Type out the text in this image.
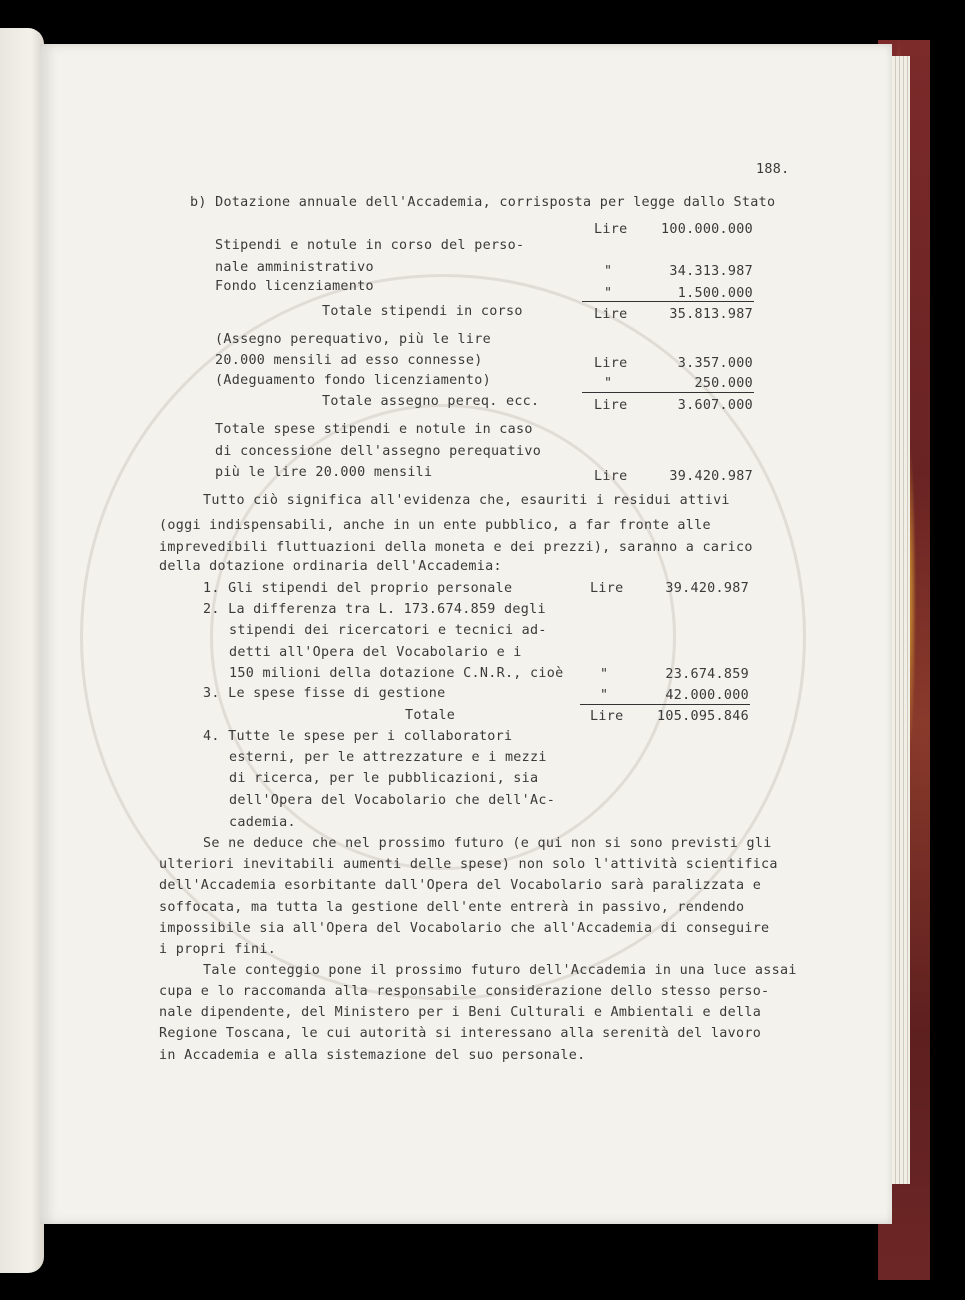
188.
b) Dotazione annuale dell'Accademia, corrisposta per legge dallo Stato
Lire	100.000.000
Stipendi e notule in corso del perso-
nale amministrativo	"	34.313.987
Fondo licenziamento	"	1.500.000
Totale stipendi in corso	Lire	35.813.987
(Assegno perequativo, più le lire
20.000 mensili ad esso connesse)	Lire	3.357.000
(Adeguamento fondo licenziamento)	"	250.000
Totale assegno pereq. ecc.	Lire	3.607.000
Totale spese stipendi e notule in caso
di concessione dell'assegno perequativo
più le lire 20.000 mensili	Lire	39.420.987
Tutto ciò significa all'evidenza che, esauriti i residui attivi
(oggi indispensabili, anche in un ente pubblico, a far fronte alle
imprevedibili fluttuazioni della moneta e dei prezzi), saranno a carico
della dotazione ordinaria dell'Accademia:
1. Gli stipendi del proprio personale	Lire	39.420.987
2. La differenza tra L. 173.674.859 degli
stipendi dei ricercatori e tecnici ad-
detti all'Opera del Vocabolario e i
150 milioni della dotazione C.N.R., cioè	"	23.674.859
3. Le spese fisse di gestione	"	42.000.000
Totale	Lire	105.095.846
4. Tutte le spese per i collaboratori
esterni, per le attrezzature e i mezzi
di ricerca, per le pubblicazioni, sia
dell'Opera del Vocabolario che dell'Ac-
cademia.
Se ne deduce che nel prossimo futuro (e qui non si sono previsti gli
ulteriori inevitabili aumenti delle spese) non solo l'attività scientifica
dell'Accademia esorbitante dall'Opera del Vocabolario sarà paralizzata e
soffocata, ma tutta la gestione dell'ente entrerà in passivo, rendendo
impossibile sia all'Opera del Vocabolario che all'Accademia di conseguire
i propri fini.
Tale conteggio pone il prossimo futuro dell'Accademia in una luce assai
cupa e lo raccomanda alla responsabile considerazione dello stesso perso-
nale dipendente, del Ministero per i Beni Culturali e Ambientali e della
Regione Toscana, le cui autorità si interessano alla serenità del lavoro
in Accademia e alla sistemazione del suo personale.
